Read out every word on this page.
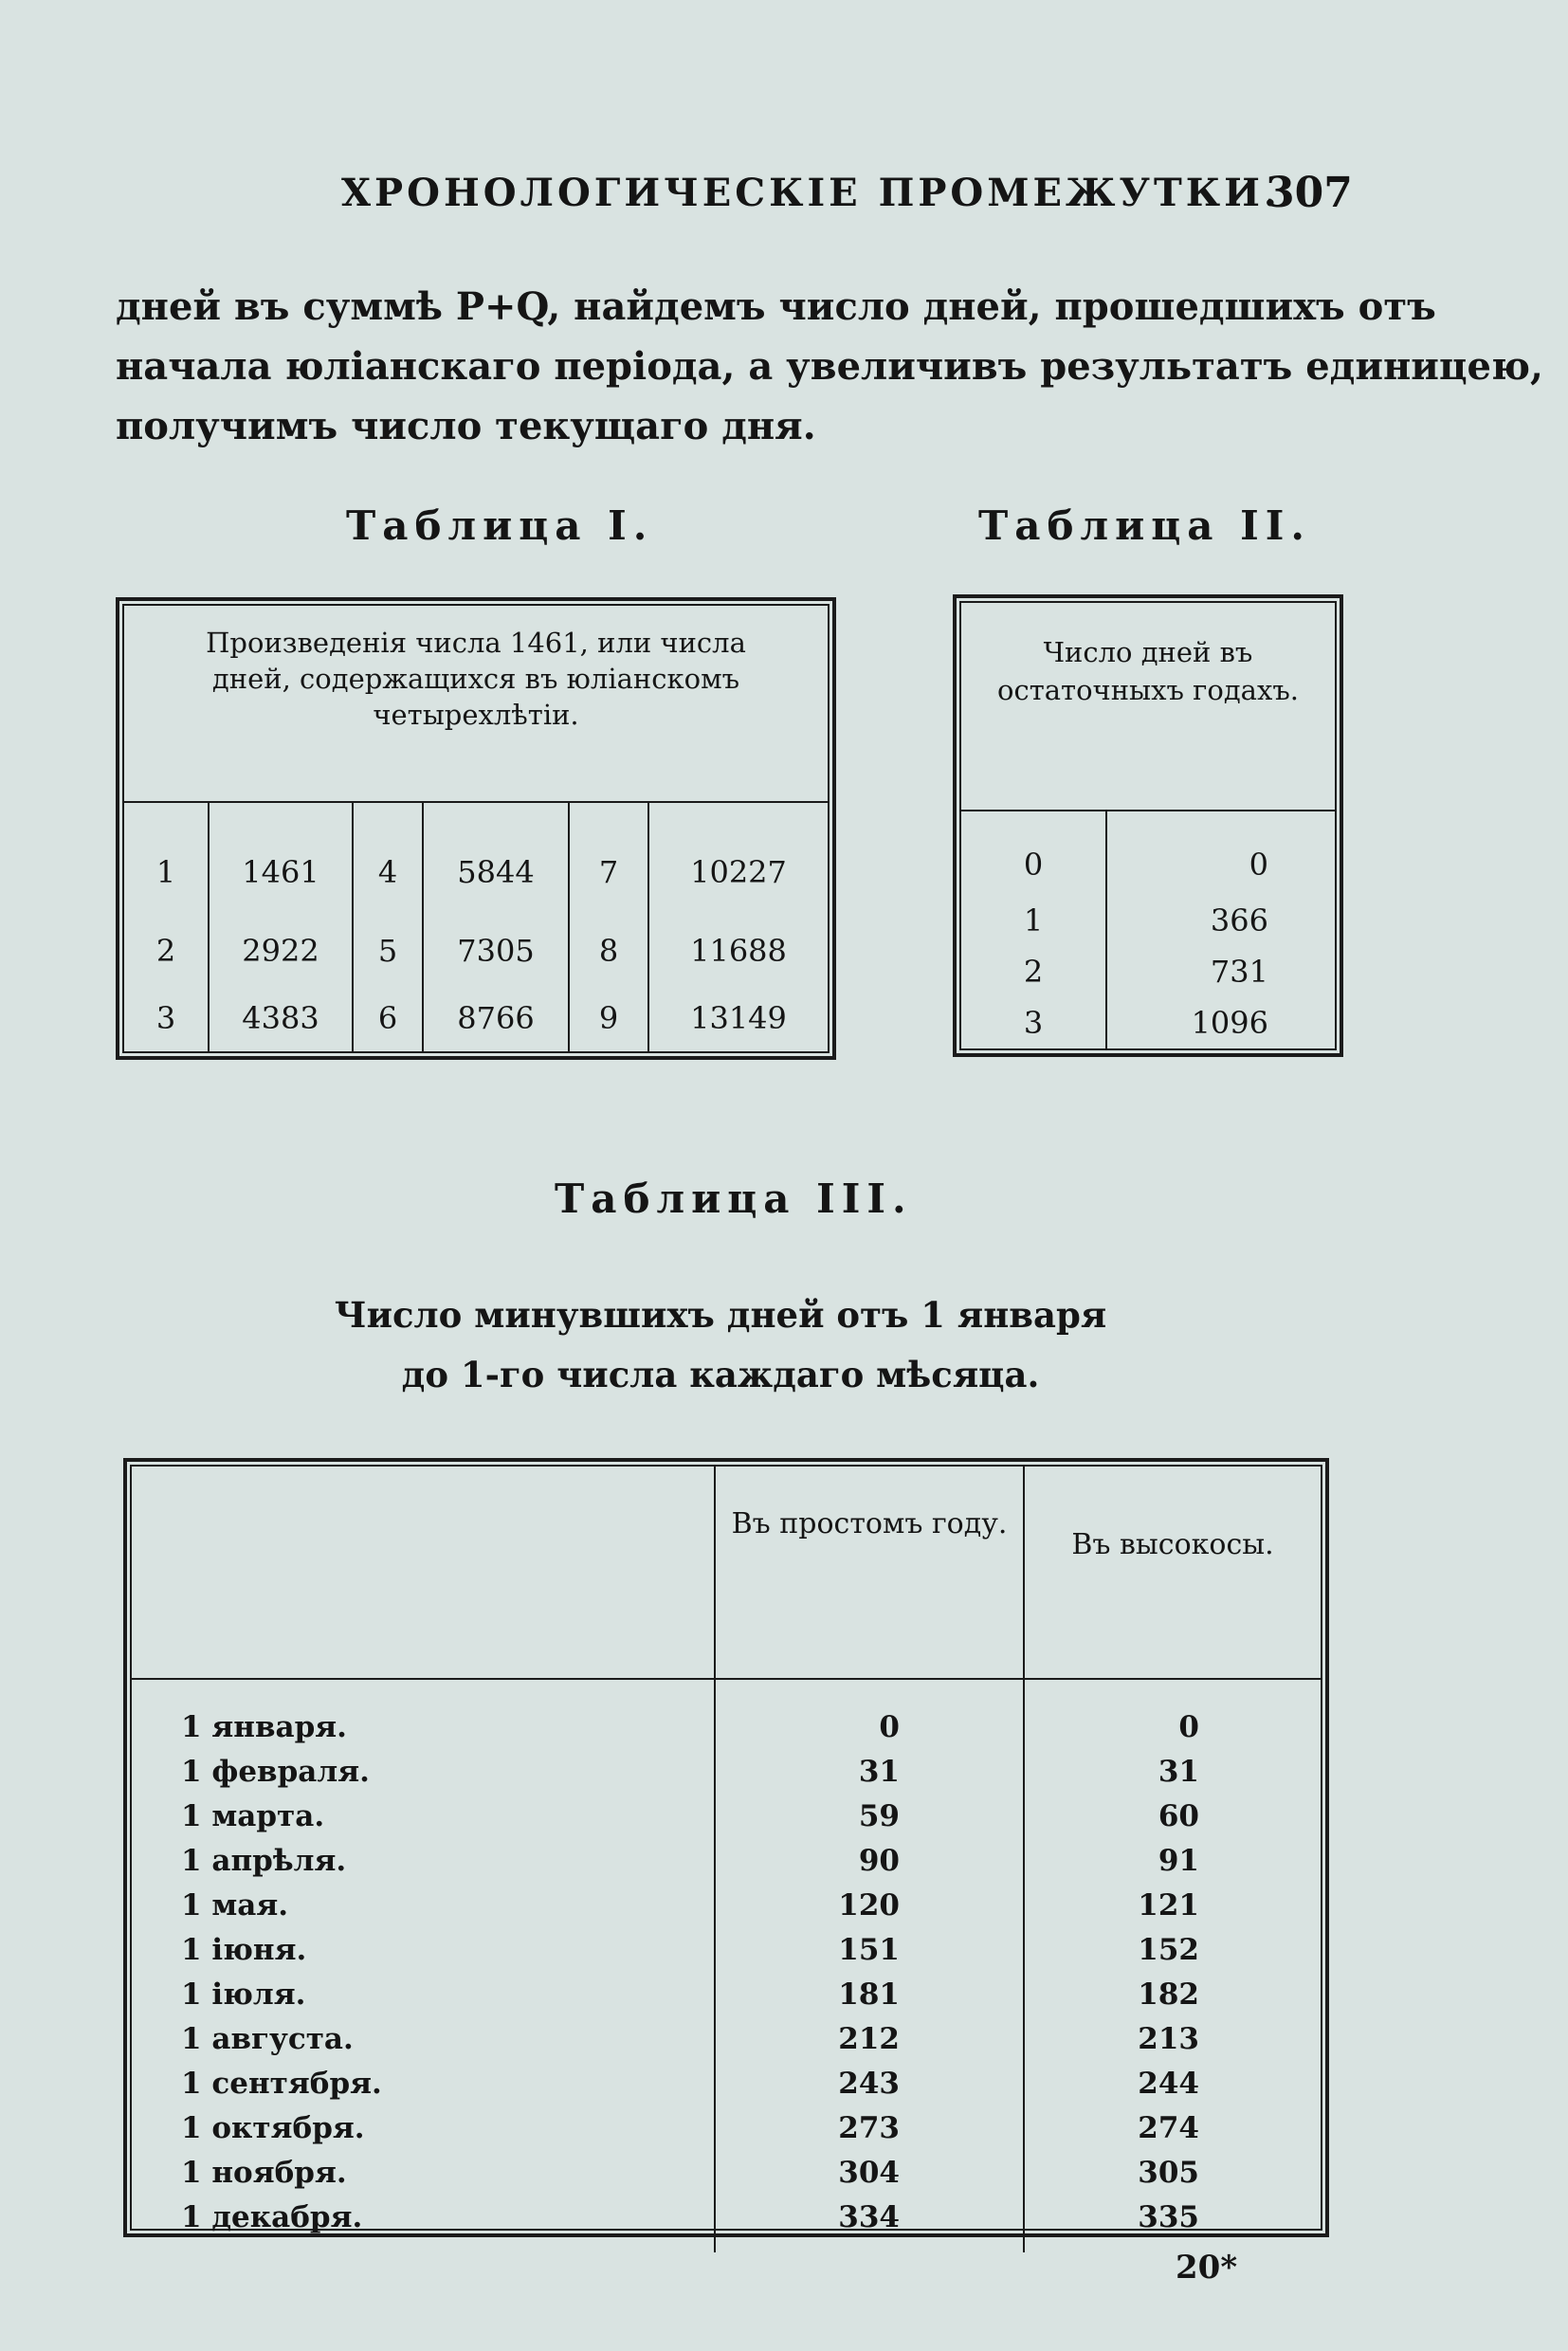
ХРОНОЛОГИЧЕСКІЕ ПРОМЕЖУТКИ.
307
дней въ суммѣ P+Q, найдемъ число дней, прошедшихъ отъ
начала юліанскаго періода, а увеличивъ результатъ единицею,
получимъ число текущаго дня.
Таблица I.
Произведенія числа 1461, или числа дней, содержащихся въ юліанскомъ четырехлѣтіи.					
1	1461	4	5844	7	10227
2	2922	5	7305	8	11688
3	4383	6	8766	9	13149
Таблица II.
Число дней въ остаточныхъ годахъ.	
0	0
1	366
2	731
3	1096
Таблица III.
Число минувшихъ дней отъ 1 января
до 1-го числа каждаго мѣсяца.
	Въ простомъ году.	Въ высокосы.
1 января.	0	0
1 февраля.	31	31
1 марта.	59	60
1 апрѣля.	90	91
1 мая.	120	121
1 іюня.	151	152
1 іюля.	181	182
1 августа.	212	213
1 сентября.	243	244
1 октября.	273	274
1 ноября.	304	305
1 декабря.	334	335
20*
